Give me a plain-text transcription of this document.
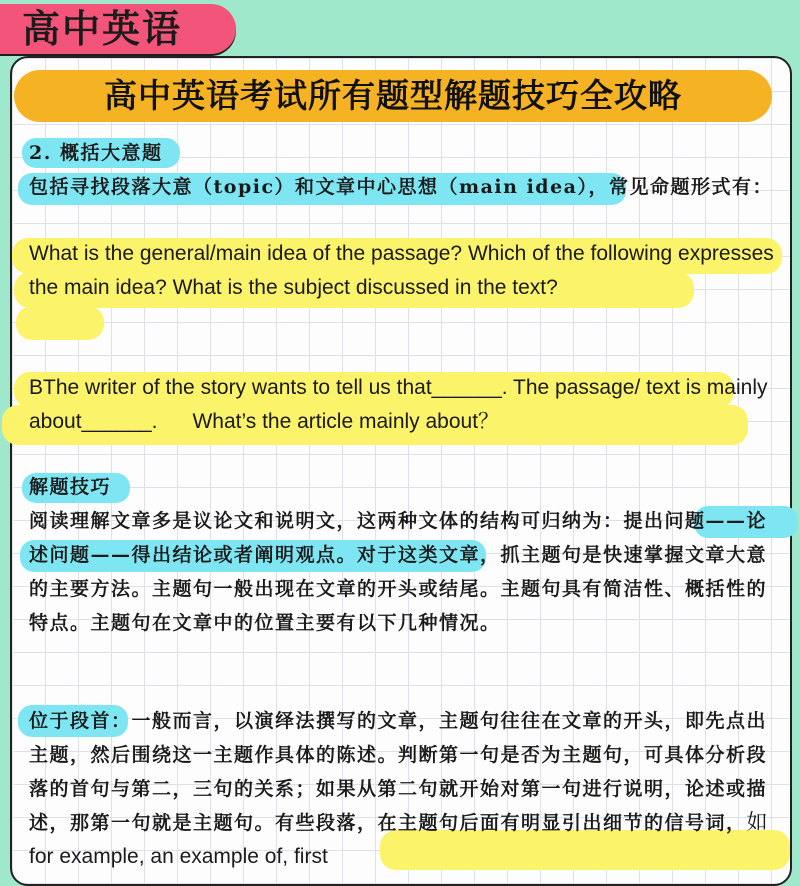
高中英语
高中英语考试所有题型解题技巧全攻略
2. 概括大意题
包括寻找段落大意（topic）和文章中心思想（main idea），常见命题形式有：
What is the general/main idea of the passage? Which of the following expresses the main idea? What is the subject discussed in the text?
BThe writer of the story wants to tell us that______. The passage/ text is mainly about______.      What’s the article mainly about？
解题技巧
阅读理解文章多是议论文和说明文，这两种文体的结构可归纳为：提出问题——论述问题——得出结论或者阐明观点。对于这类文章，抓主题句是快速掌握文章大意的主要方法。主题句一般出现在文章的开头或结尾。主题句具有简洁性、概括性的特点。主题句在文章中的位置主要有以下几种情况。
位于段首：一般而言，以演绎法撰写的文章，主题句往往在文章的开头，即先点出主题，然后围绕这一主题作具体的陈述。判断第一句是否为主题句，可具体分析段落的首句与第二，三句的关系；如果从第二句就开始对第一句进行说明，论述或描述，那第一句就是主题句。有些段落，在主题句后面有明显引出细节的信号词，如for example, an example of, first
